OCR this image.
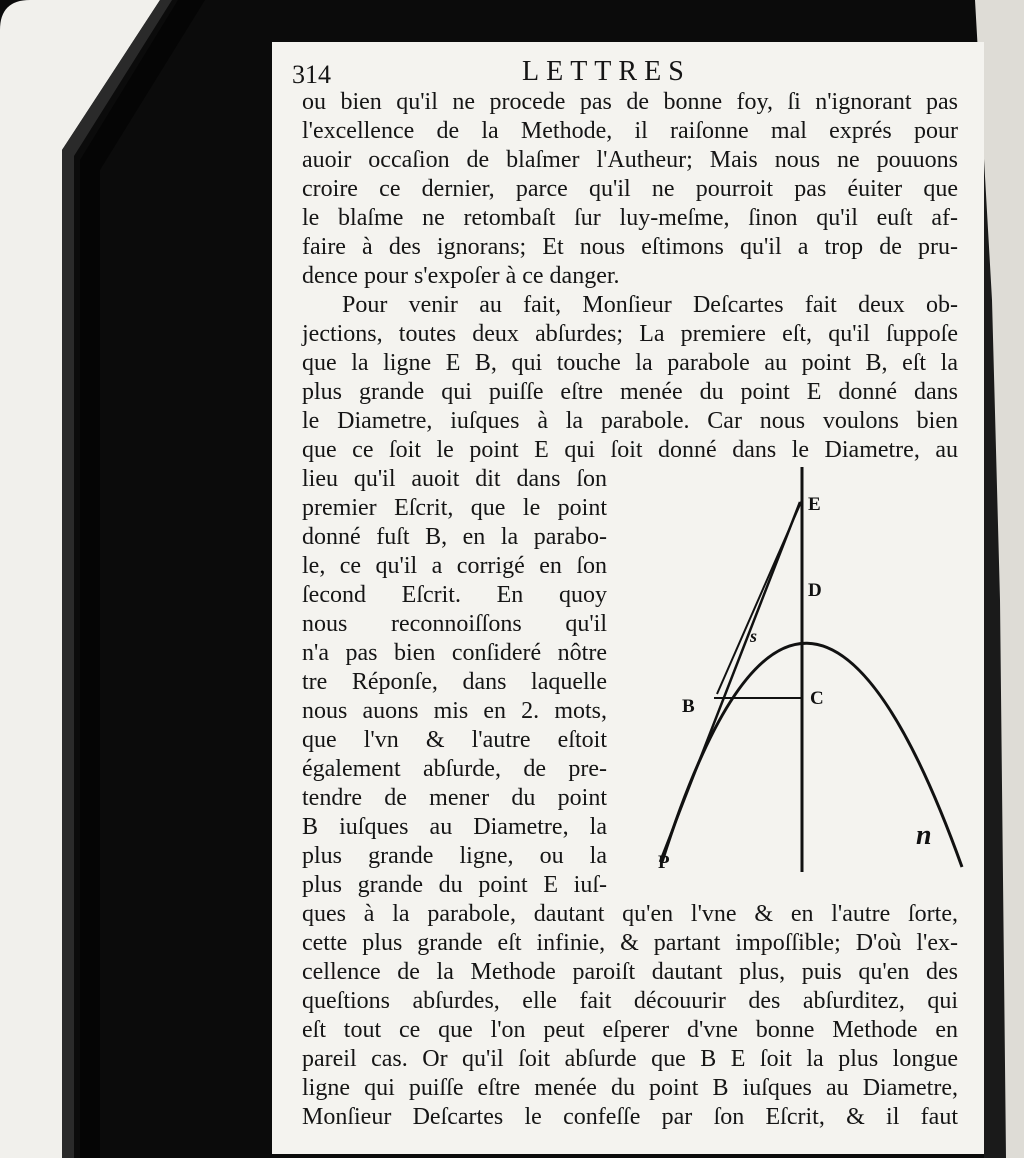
314	LETTRES
ou bien qu'il ne procede pas de bonne foy, ſi n'ignorant pas
l'excellence de la Methode, il raiſonne mal exprés pour
auoir occaſion de blaſmer l'Autheur; Mais nous ne pouuons
croire ce dernier, parce qu'il ne pourroit pas éuiter que
le blaſme ne retombaſt ſur luy-meſme, ſinon qu'il euſt af-
faire à des ignorans; Et nous eſtimons qu'il a trop de pru-
dence pour s'expoſer à ce danger.
Pour venir au fait, Monſieur Deſcartes fait deux ob-
jections, toutes deux abſurdes; La premiere eſt, qu'il ſuppoſe
que la ligne E B, qui touche la parabole au point B, eſt la
plus grande qui puiſſe eſtre menée du point E donné dans
le Diametre, iuſques à la parabole. Car nous voulons bien
que ce ſoit le point E qui ſoit donné dans le Diametre, au
lieu qu'il auoit dit dans ſon
premier Eſcrit, que le point
donné fuſt B, en la parabo-
le, ce qu'il a corrigé en ſon
ſecond Eſcrit. En quoy
nous reconnoiſſons qu'il
n'a pas bien conſideré nôtre
tre Réponſe, dans laquelle
nous auons mis en 2. mots,
que l'vn & l'autre eſtoit
également abſurde, de pre-
tendre de mener du point
B iuſques au Diametre, la
plus grande ligne, ou la
plus grande du point E iuſ-
ques à la parabole, dautant qu'en l'vne & en l'autre ſorte,
cette plus grande eſt infinie, & partant impoſſible; D'où l'ex-
cellence de la Methode paroiſt dautant plus, puis qu'en des
queſtions abſurdes, elle fait découurir des abſurditez, qui
eſt tout ce que l'on peut eſperer d'vne bonne Methode en
pareil cas. Or qu'il ſoit abſurde que B E ſoit la plus longue
ligne qui puiſſe eſtre menée du point B iuſques au Diametre,
Monſieur Deſcartes le confeſſe par ſon Eſcrit, & il faut
E
D
s
B	C
P
n
